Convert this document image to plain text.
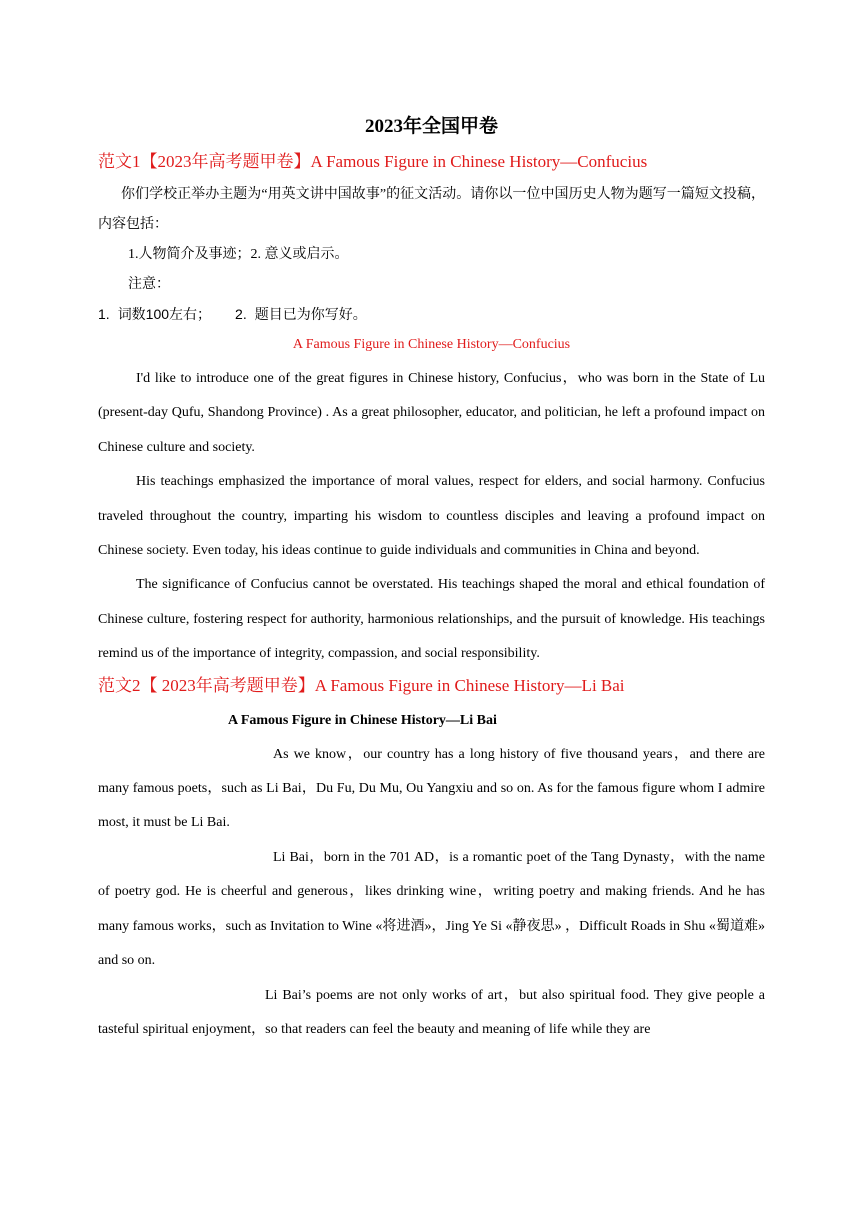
2023年全国甲卷
范文1【2023年高考题甲卷】A Famous Figure in Chinese History—Confucius

你们学校正举办主题为“用英文讲中国故事”的征文活动。请你以一位中国历史人物为题写一篇短文投稿，内容包括：

1.人物简介及事迹；2. 意义或启示。

注意：

1. 词数100左右； 2. 题目已为你写好。

A Famous Figure in Chinese History—Confucius

I'd like to introduce one of the great figures in Chinese history, Confucius，who was born in the State of Lu (present-day Qufu, Shandong Province) . As a great philosopher, educator, and politician, he left a profound impact on Chinese culture and society.

His teachings emphasized the importance of moral values, respect for elders, and social harmony. Confucius traveled throughout the country, imparting his wisdom to countless disciples and leaving a profound impact on Chinese society. Even today, his ideas continue to guide individuals and communities in China and beyond.

The significance of Confucius cannot be overstated. His teachings shaped the moral and ethical foundation of Chinese culture, fostering respect for authority, harmonious relationships, and the pursuit of knowledge. His teachings remind us of the importance of integrity, compassion, and social responsibility.

范文2【 2023年高考题甲卷】A Famous Figure in Chinese History—Li Bai

A Famous Figure in Chinese History—Li Bai

As we know，our country has a long history of five thousand years，and there are many famous poets，such as Li Bai，Du Fu, Du Mu, Ou Yangxiu and so on. As for the famous figure whom I admire most, it must be Li Bai.

Li Bai，born in the 701 AD，is a romantic poet of the Tang Dynasty，with the name of poetry god. He is cheerful and generous，likes drinking wine，writing poetry and making friends. And he has many famous works，such as Invitation to Wine «将进酒»，Jing Ye Si «静夜思» ，Difficult Roads in Shu «蜀道难» and so on.

Li Bai’s poems are not only works of art，but also spiritual food. They give people a tasteful spiritual enjoyment，so that readers can feel the beauty and meaning of life while they are
